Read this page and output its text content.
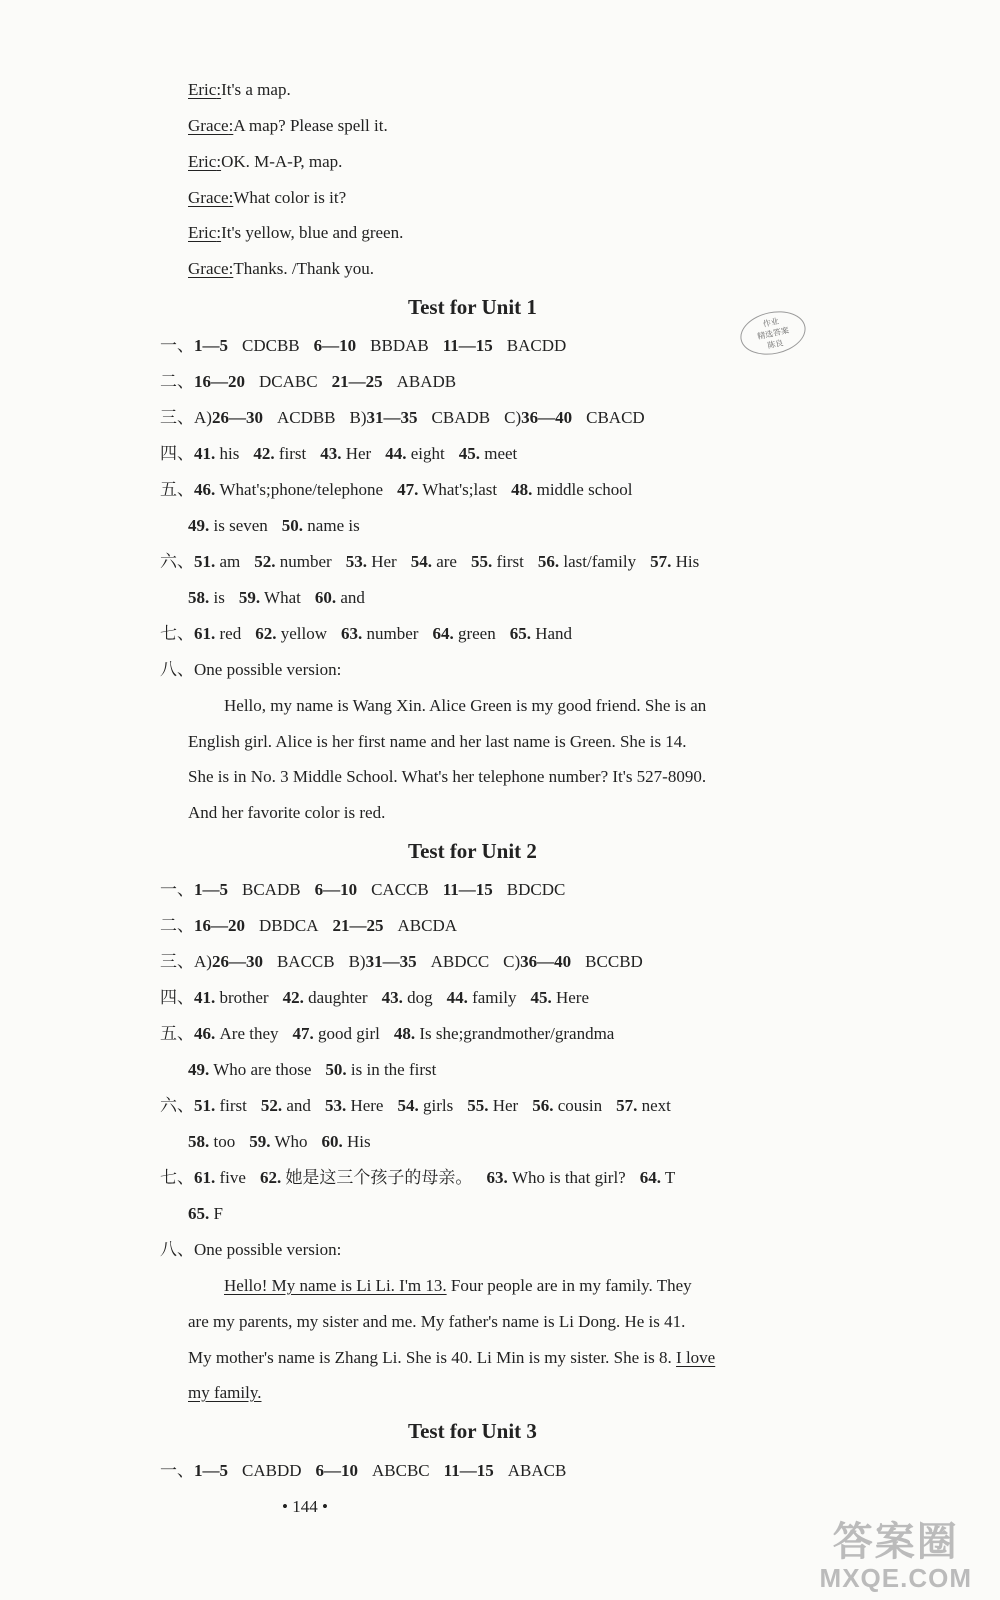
Eric:It's a map.
Grace:A map? Please spell it.
Eric:OK. M-A-P, map.
Grace:What color is it?
Eric:It's yellow, blue and green.
Grace:Thanks. /Thank you.
Test for Unit 1
作业
精选答案
陈良
一、1—5 CDCBB 6—10 BBDAB 11—15 BACDD
二、16—20 DCABC 21—25 ABADB
三、A)26—30 ACDBB B)31—35 CBADB C)36—40 CBACD
四、41. his 42. first 43. Her 44. eight 45. meet
五、46. What's;phone/telephone 47. What's;last 48. middle school
49. is seven 50. name is
六、51. am 52. number 53. Her 54. are 55. first 56. last/family 57. His
58. is 59. What 60. and
七、61. red 62. yellow 63. number 64. green 65. Hand
八、One possible version:
Hello, my name is Wang Xin. Alice Green is my good friend. She is an
English girl. Alice is her first name and her last name is Green. She is 14.
She is in No. 3 Middle School. What's her telephone number? It's 527-8090.
And her favorite color is red.
Test for Unit 2
一、1—5 BCADB 6—10 CACCB 11—15 BDCDC
二、16—20 DBDCA 21—25 ABCDA
三、A)26—30 BACCB B)31—35 ABDCC C)36—40 BCCBD
四、41. brother 42. daughter 43. dog 44. family 45. Here
五、46. Are they 47. good girl 48. Is she;grandmother/grandma
49. Who are those 50. is in the first
六、51. first 52. and 53. Here 54. girls 55. Her 56. cousin 57. next
58. too 59. Who 60. His
七、61. five 62. 她是这三个孩子的母亲。 63. Who is that girl? 64. T
65. F
八、One possible version:
Hello! My name is Li Li. I'm 13. Four people are in my family. They
are my parents, my sister and me. My father's name is Li Dong. He is 41.
My mother's name is Zhang Li. She is 40. Li Min is my sister. She is 8. I love
my family.
Test for Unit 3
一、1—5 CABDD 6—10 ABCBC 11—15 ABACB
• 144 •
答案圈
MXQE.COM
